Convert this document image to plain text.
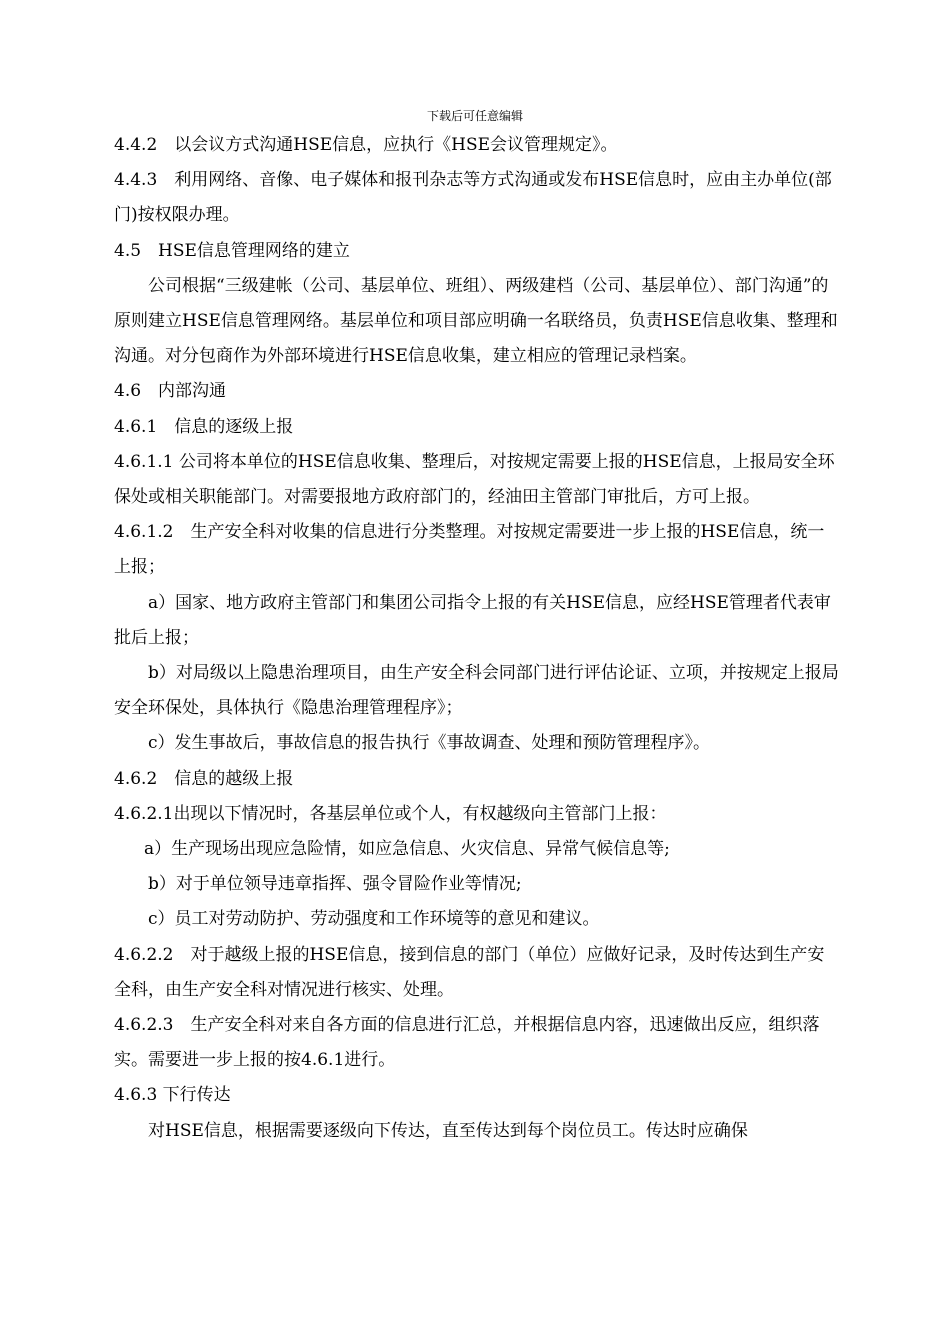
下载后可任意编辑

4.4.2　以会议方式沟通HSE信息，应执行《HSE会议管理规定》。

4.4.3　利用网络、音像、电子媒体和报刊杂志等方式沟通或发布HSE信息时，应由主办单位(部门)按权限办理。

4.5　HSE信息管理网络的建立

公司根据“三级建帐（公司、基层单位、班组）、两级建档（公司、基层单位）、部门沟通”的原则建立HSE信息管理网络。基层单位和项目部应明确一名联络员，负责HSE信息收集、整理和沟通。对分包商作为外部环境进行HSE信息收集，建立相应的管理记录档案。

4.6　内部沟通

4.6.1　信息的逐级上报

4.6.1.1 公司将本单位的HSE信息收集、整理后，对按规定需要上报的HSE信息，上报局安全环保处或相关职能部门。对需要报地方政府部门的，经油田主管部门审批后，方可上报。

4.6.1.2　生产安全科对收集的信息进行分类整理。对按规定需要进一步上报的HSE信息，统一上报；

a）国家、地方政府主管部门和集团公司指令上报的有关HSE信息，应经HSE管理者代表审批后上报；

b）对局级以上隐患治理项目，由生产安全科会同部门进行评估论证、立项，并按规定上报局安全环保处，具体执行《隐患治理管理程序》；

c）发生事故后，事故信息的报告执行《事故调查、处理和预防管理程序》。

4.6.2　信息的越级上报

4.6.2.1出现以下情况时，各基层单位或个人，有权越级向主管部门上报：

a）生产现场出现应急险情，如应急信息、火灾信息、异常气候信息等;

b）对于单位领导违章指挥、强令冒险作业等情况;

c）员工对劳动防护、劳动强度和工作环境等的意见和建议。

4.6.2.2　对于越级上报的HSE信息，接到信息的部门（单位）应做好记录，及时传达到生产安全科，由生产安全科对情况进行核实、处理。

4.6.2.3　生产安全科对来自各方面的信息进行汇总，并根据信息内容，迅速做出反应，组织落实。需要进一步上报的按4.6.1进行。

4.6.3 下行传达

对HSE信息，根据需要逐级向下传达，直至传达到每个岗位员工。传达时应确保
